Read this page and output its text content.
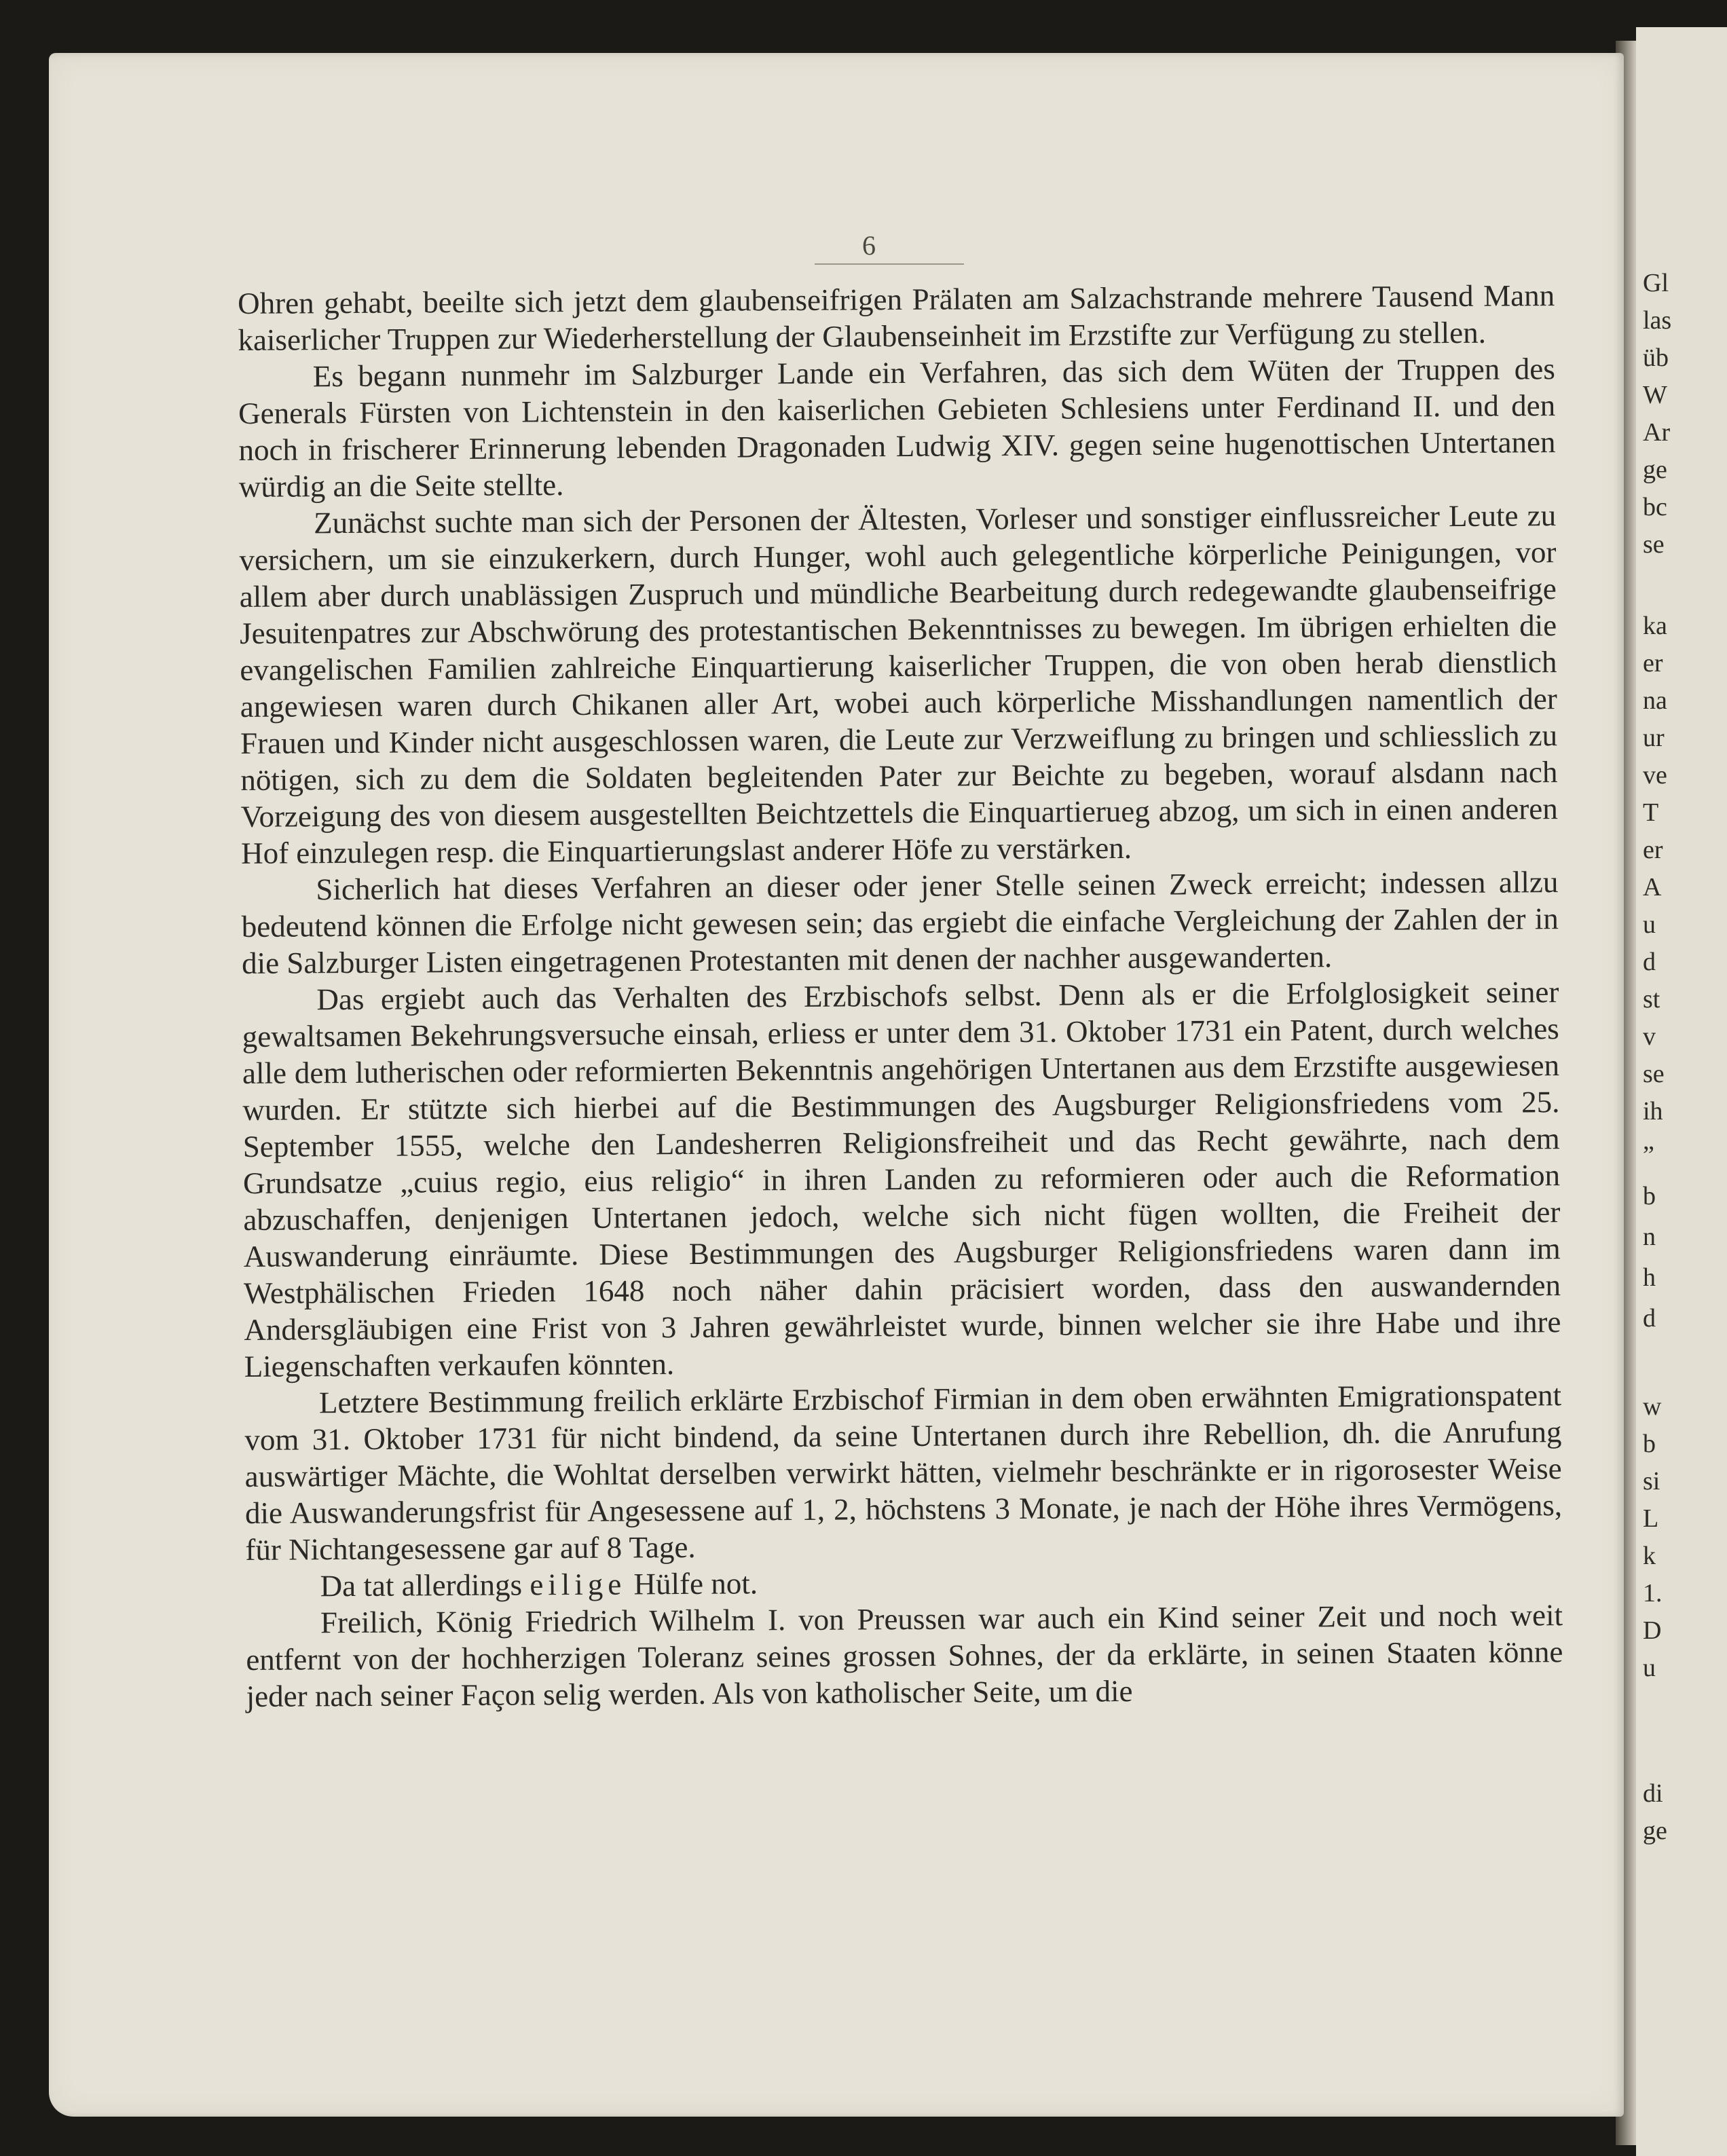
Gl
las
üb
W
Ar
ge
bc
se
ka
er
na
ur
ve
T
er
A
u
d
st
v
se
ih
”
b
n
h
d
w
b
si
L
k
1.
D
u
di
ge
6

Ohren gehabt, beeilte sich jetzt dem glaubenseifrigen Prälaten am Salzachstrande mehrere Tausend Mann kaiserlicher Truppen zur Wiederherstellung der Glaubenseinheit im Erzstifte zur Verfügung zu stellen.

Es begann nunmehr im Salzburger Lande ein Verfahren, das sich dem Wüten der Truppen des Generals Fürsten von Lichtenstein in den kaiserlichen Gebieten Schlesiens unter Ferdinand II. und den noch in frischerer Erinnerung lebenden Dragonaden Ludwig XIV. gegen seine hugenottischen Untertanen würdig an die Seite stellte.

Zunächst suchte man sich der Personen der Ältesten, Vorleser und sonstiger einflussreicher Leute zu versichern, um sie einzukerkern, durch Hunger, wohl auch gelegentliche körperliche Peinigungen, vor allem aber durch unablässigen Zuspruch und mündliche Bearbeitung durch redegewandte glaubenseifrige Jesuitenpatres zur Abschwörung des protestantischen Bekenntnisses zu bewegen. Im übrigen erhielten die evangelischen Familien zahlreiche Einquartierung kaiserlicher Truppen, die von oben herab dienstlich angewiesen waren durch Chikanen aller Art, wobei auch körperliche Misshandlungen namentlich der Frauen und Kinder nicht ausgeschlossen waren, die Leute zur Verzweiflung zu bringen und schliesslich zu nötigen, sich zu dem die Soldaten begleitenden Pater zur Beichte zu begeben, worauf alsdann nach Vorzeigung des von diesem ausgestellten Beichtzettels die Einquartieruеg abzog, um sich in einen anderen Hof einzulegen resp. die Einquartierungslast anderer Höfe zu verstärken.

Sicherlich hat dieses Verfahren an dieser oder jener Stelle seinen Zweck erreicht; indessen allzu bedeutend können die Erfolge nicht gewesen sein; das ergiebt die einfache Vergleichung der Zahlen der in die Salzburger Listen eingetragenen Protestanten mit denen der nachher ausgewanderten.

Das ergiebt auch das Verhalten des Erzbischofs selbst. Denn als er die Erfolglosigkeit seiner gewaltsamen Bekehrungsversuche einsah, erliess er unter dem 31. Oktober 1731 ein Patent, durch welches alle dem lutherischen oder reformierten Bekenntnis angehörigen Untertanen aus dem Erzstifte ausgewiesen wurden. Er stützte sich hierbei auf die Bestimmungen des Augsburger Religionsfriedens vom 25. September 1555, welche den Landesherren Religionsfreiheit und das Recht gewährte, nach dem Grundsatze „cuius regio, eius religio“ in ihren Landen zu reformieren oder auch die Reformation abzuschaffen, denjenigen Untertanen jedoch, welche sich nicht fügen wollten, die Freiheit der Auswanderung einräumte. Diese Bestimmungen des Augsburger Religionsfriedens waren dann im Westphälischen Frieden 1648 noch näher dahin präcisiert worden, dass den auswandernden Andersgläubigen eine Frist von 3 Jahren gewährleistet wurde, binnen welcher sie ihre Habe und ihre Liegenschaften verkaufen könnten.

Letztere Bestimmung freilich erklärte Erzbischof Firmian in dem oben erwähnten Emigrationspatent vom 31. Oktober 1731 für nicht bindend, da seine Untertanen durch ihre Rebellion, dh. die Anrufung auswärtiger Mächte, die Wohltat derselben verwirkt hätten, vielmehr beschränkte er in rigorosester Weise die Auswanderungsfrist für Angesessene auf 1, 2, höchstens 3 Monate, je nach der Höhe ihres Vermögens, für Nichtangesessene gar auf 8 Tage.

Da tat allerdings eilige Hülfe not.

Freilich, König Friedrich Wilhelm I. von Preussen war auch ein Kind seiner Zeit und noch weit entfernt von der hochherzigen Toleranz seines grossen Sohnes, der da erklärte, in seinen Staaten könne jeder nach seiner Façon selig werden. Als von katholischer Seite, um die
